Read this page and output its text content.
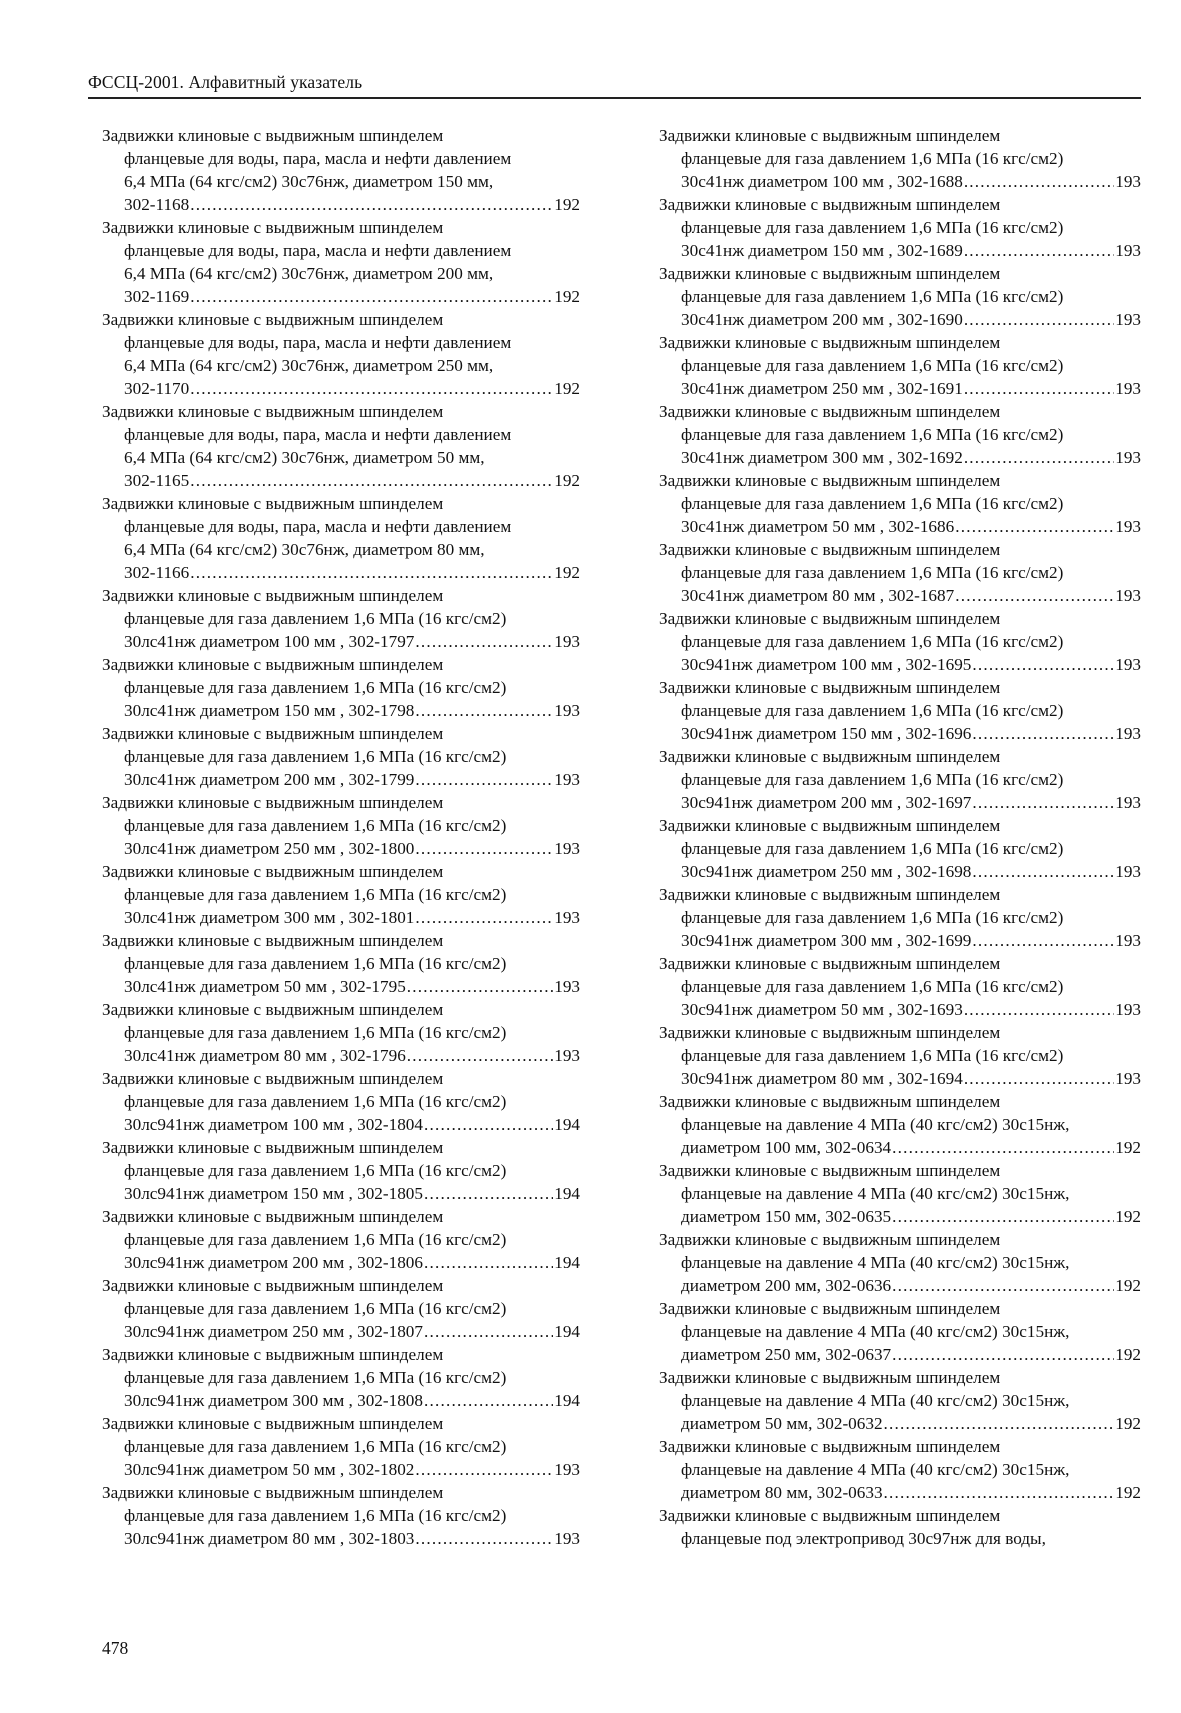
ФССЦ-2001. Алфавитный указатель
Задвижки клиновые с выдвижным шпинделем
фланцевые для воды, пара, масла и нефти давлением
6,4 МПа (64 кгс/см2) 30с76нж, диаметром 150 мм,
302-1168 .....	192
Задвижки клиновые с выдвижным шпинделем
фланцевые для воды, пара, масла и нефти давлением
6,4 МПа (64 кгс/см2) 30с76нж, диаметром 200 мм,
302-1169 .....	192
Задвижки клиновые с выдвижным шпинделем
фланцевые для воды, пара, масла и нефти давлением
6,4 МПа (64 кгс/см2) 30с76нж, диаметром 250 мм,
302-1170 .....	192
Задвижки клиновые с выдвижным шпинделем
фланцевые для воды, пара, масла и нефти давлением
6,4 МПа (64 кгс/см2) 30с76нж, диаметром 50 мм,
302-1165 .....	192
Задвижки клиновые с выдвижным шпинделем
фланцевые для воды, пара, масла и нефти давлением
6,4 МПа (64 кгс/см2) 30с76нж, диаметром 80 мм,
302-1166 .....	192
Задвижки клиновые с выдвижным шпинделем
фланцевые для газа давлением 1,6 МПа (16 кгс/см2)
30лс41нж диаметром 100 мм , 302-1797 .....	193
Задвижки клиновые с выдвижным шпинделем
фланцевые для газа давлением 1,6 МПа (16 кгс/см2)
30лс41нж диаметром 150 мм , 302-1798 .....	193
Задвижки клиновые с выдвижным шпинделем
фланцевые для газа давлением 1,6 МПа (16 кгс/см2)
30лс41нж диаметром 200 мм , 302-1799 .....	193
Задвижки клиновые с выдвижным шпинделем
фланцевые для газа давлением 1,6 МПа (16 кгс/см2)
30лс41нж диаметром 250 мм , 302-1800 .....	193
Задвижки клиновые с выдвижным шпинделем
фланцевые для газа давлением 1,6 МПа (16 кгс/см2)
30лс41нж диаметром 300 мм , 302-1801 .....	193
Задвижки клиновые с выдвижным шпинделем
фланцевые для газа давлением 1,6 МПа (16 кгс/см2)
30лс41нж диаметром 50 мм , 302-1795 .....	193
Задвижки клиновые с выдвижным шпинделем
фланцевые для газа давлением 1,6 МПа (16 кгс/см2)
30лс41нж диаметром 80 мм , 302-1796 .....	193
Задвижки клиновые с выдвижным шпинделем
фланцевые для газа давлением 1,6 МПа (16 кгс/см2)
30лс941нж диаметром 100 мм , 302-1804 .....	194
Задвижки клиновые с выдвижным шпинделем
фланцевые для газа давлением 1,6 МПа (16 кгс/см2)
30лс941нж диаметром 150 мм , 302-1805 .....	194
Задвижки клиновые с выдвижным шпинделем
фланцевые для газа давлением 1,6 МПа (16 кгс/см2)
30лс941нж диаметром 200 мм , 302-1806 .....	194
Задвижки клиновые с выдвижным шпинделем
фланцевые для газа давлением 1,6 МПа (16 кгс/см2)
30лс941нж диаметром 250 мм , 302-1807 .....	194
Задвижки клиновые с выдвижным шпинделем
фланцевые для газа давлением 1,6 МПа (16 кгс/см2)
30лс941нж диаметром 300 мм , 302-1808 .....	194
Задвижки клиновые с выдвижным шпинделем
фланцевые для газа давлением 1,6 МПа (16 кгс/см2)
30лс941нж диаметром 50 мм , 302-1802 .....	193
Задвижки клиновые с выдвижным шпинделем
фланцевые для газа давлением 1,6 МПа (16 кгс/см2)
30лс941нж диаметром 80 мм , 302-1803 .....	193
Задвижки клиновые с выдвижным шпинделем
фланцевые для газа давлением 1,6 МПа (16 кгс/см2)
30с41нж диаметром 100 мм , 302-1688 .....	193
Задвижки клиновые с выдвижным шпинделем
фланцевые для газа давлением 1,6 МПа (16 кгс/см2)
30с41нж диаметром 150 мм , 302-1689 .....	193
Задвижки клиновые с выдвижным шпинделем
фланцевые для газа давлением 1,6 МПа (16 кгс/см2)
30с41нж диаметром 200 мм , 302-1690 .....	193
Задвижки клиновые с выдвижным шпинделем
фланцевые для газа давлением 1,6 МПа (16 кгс/см2)
30с41нж диаметром 250 мм , 302-1691 .....	193
Задвижки клиновые с выдвижным шпинделем
фланцевые для газа давлением 1,6 МПа (16 кгс/см2)
30с41нж диаметром 300 мм , 302-1692 .....	193
Задвижки клиновые с выдвижным шпинделем
фланцевые для газа давлением 1,6 МПа (16 кгс/см2)
30с41нж диаметром 50 мм , 302-1686 .....	193
Задвижки клиновые с выдвижным шпинделем
фланцевые для газа давлением 1,6 МПа (16 кгс/см2)
30с41нж диаметром 80 мм , 302-1687 .....	193
Задвижки клиновые с выдвижным шпинделем
фланцевые для газа давлением 1,6 МПа (16 кгс/см2)
30с941нж диаметром 100 мм , 302-1695 .....	193
Задвижки клиновые с выдвижным шпинделем
фланцевые для газа давлением 1,6 МПа (16 кгс/см2)
30с941нж диаметром 150 мм , 302-1696 .....	193
Задвижки клиновые с выдвижным шпинделем
фланцевые для газа давлением 1,6 МПа (16 кгс/см2)
30с941нж диаметром 200 мм , 302-1697 .....	193
Задвижки клиновые с выдвижным шпинделем
фланцевые для газа давлением 1,6 МПа (16 кгс/см2)
30с941нж диаметром 250 мм , 302-1698 .....	193
Задвижки клиновые с выдвижным шпинделем
фланцевые для газа давлением 1,6 МПа (16 кгс/см2)
30с941нж диаметром 300 мм , 302-1699 .....	193
Задвижки клиновые с выдвижным шпинделем
фланцевые для газа давлением 1,6 МПа (16 кгс/см2)
30с941нж диаметром 50 мм , 302-1693 .....	193
Задвижки клиновые с выдвижным шпинделем
фланцевые для газа давлением 1,6 МПа (16 кгс/см2)
30с941нж диаметром 80 мм , 302-1694 .....	193
Задвижки клиновые с выдвижным шпинделем
фланцевые на давление 4 МПа (40 кгс/см2) 30с15нж,
диаметром 100 мм, 302-0634 .....	192
Задвижки клиновые с выдвижным шпинделем
фланцевые на давление 4 МПа (40 кгс/см2) 30с15нж,
диаметром 150 мм, 302-0635 .....	192
Задвижки клиновые с выдвижным шпинделем
фланцевые на давление 4 МПа (40 кгс/см2) 30с15нж,
диаметром 200 мм, 302-0636 .....	192
Задвижки клиновые с выдвижным шпинделем
фланцевые на давление 4 МПа (40 кгс/см2) 30с15нж,
диаметром 250 мм, 302-0637 .....	192
Задвижки клиновые с выдвижным шпинделем
фланцевые на давление 4 МПа (40 кгс/см2) 30с15нж,
диаметром 50 мм, 302-0632 .....	192
Задвижки клиновые с выдвижным шпинделем
фланцевые на давление 4 МПа (40 кгс/см2) 30с15нж,
диаметром 80 мм, 302-0633 .....	192
Задвижки клиновые с выдвижным шпинделем
фланцевые под электропривод 30с97нж для воды,
478
